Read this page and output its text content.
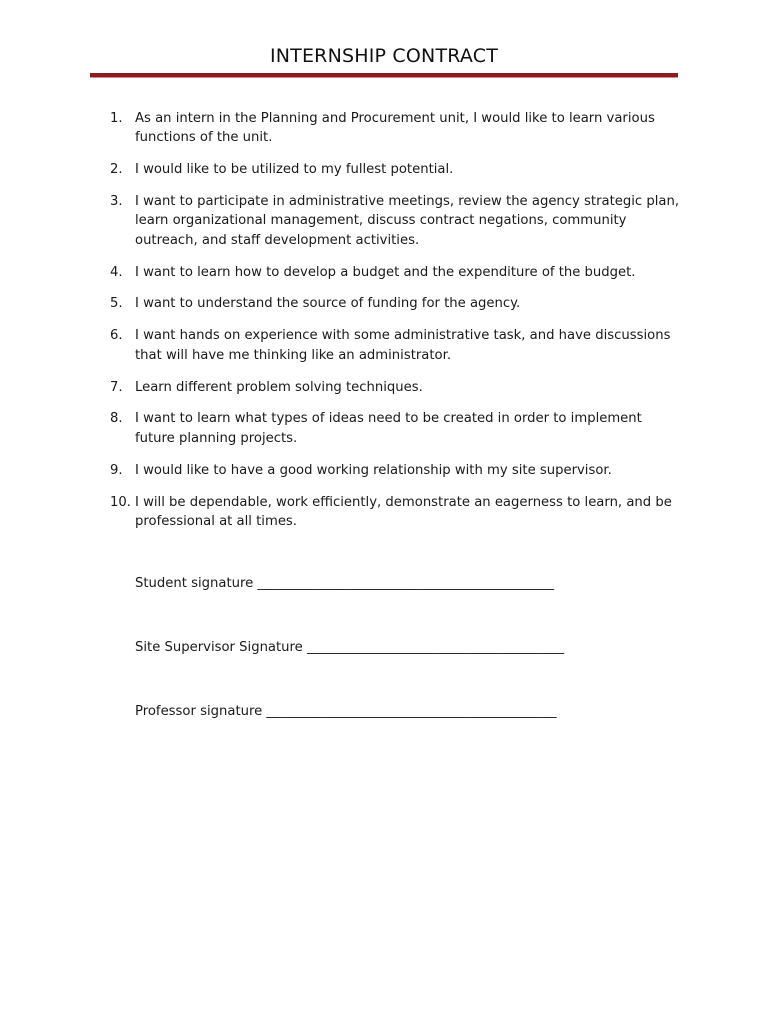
INTERNSHIP CONTRACT
1. As an intern in the Planning and Procurement unit, I would like to learn various functions of the unit.
2. I would like to be utilized to my fullest potential.
3. I want to participate in administrative meetings, review the agency strategic plan, learn organizational management, discuss contract negations, community outreach, and staff development activities.
4. I want to learn how to develop a budget and the expenditure of the budget.
5. I want to understand the source of funding for the agency.
6. I want hands on experience with some administrative task, and have discussions that will have me thinking like an administrator.
7. Learn different problem solving techniques.
8. I want to learn what types of ideas need to be created in order to implement future planning projects.
9. I would like to have a good working relationship with my site supervisor.
10. I will be dependable, work efficiently, demonstrate an eagerness to learn, and be professional at all times.
Student signature _____________________________________________
Site Supervisor Signature _______________________________________
Professor signature ____________________________________________
